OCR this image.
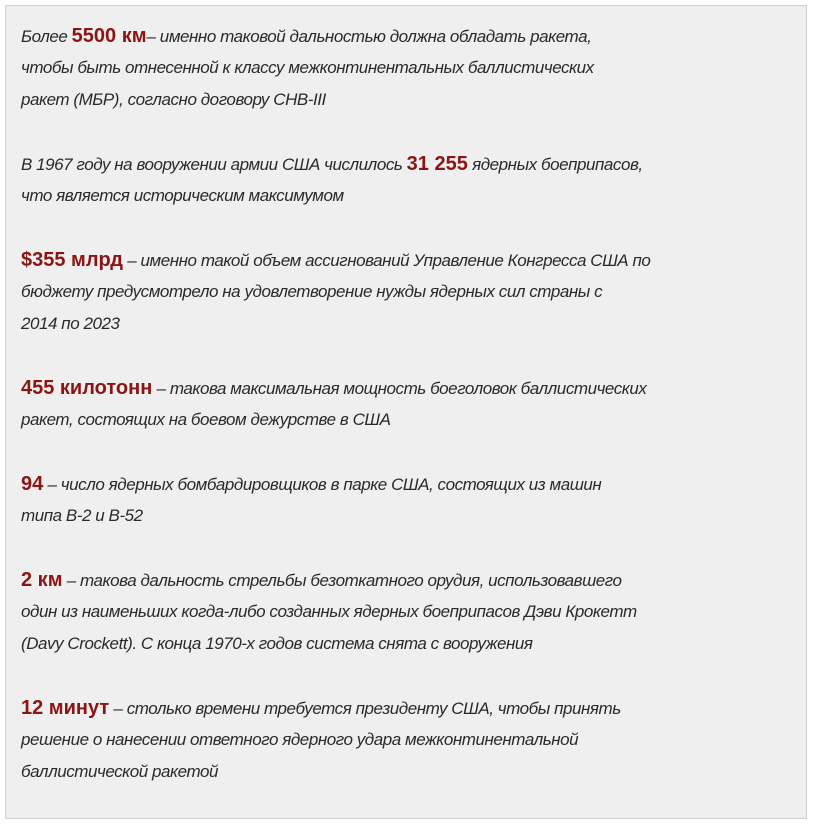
Более 5500 км– именно таковой дальностью должна обладать ракета,
чтобы быть отнесенной к классу межконтинентальных баллистических
ракет (МБР), согласно договору СНВ-III
В 1967 году на вооружении армии США числилось 31 255 ядерных боеприпасов,
что является историческим максимумом
$355 млрд – именно такой объем ассигнований Управление Конгресса США по
бюджету предусмотрело на удовлетворение нужды ядерных сил страны с
2014 по 2023
455 килотонн – такова максимальная мощность боеголовок баллистических
ракет, состоящих на боевом дежурстве в США
94 – число ядерных бомбардировщиков в парке США, состоящих из машин
типа B-2 и B-52
2 км – такова дальность стрельбы безоткатного орудия, использовавшего
один из наименьших когда-либо созданных ядерных боеприпасов Дэви Крокетт
(Davy Crockett). С конца 1970-х годов система снята с вооружения
12 минут – столько времени требуется президенту США, чтобы принять
решение о нанесении ответного ядерного удара межконтинентальной
баллистической ракетой
